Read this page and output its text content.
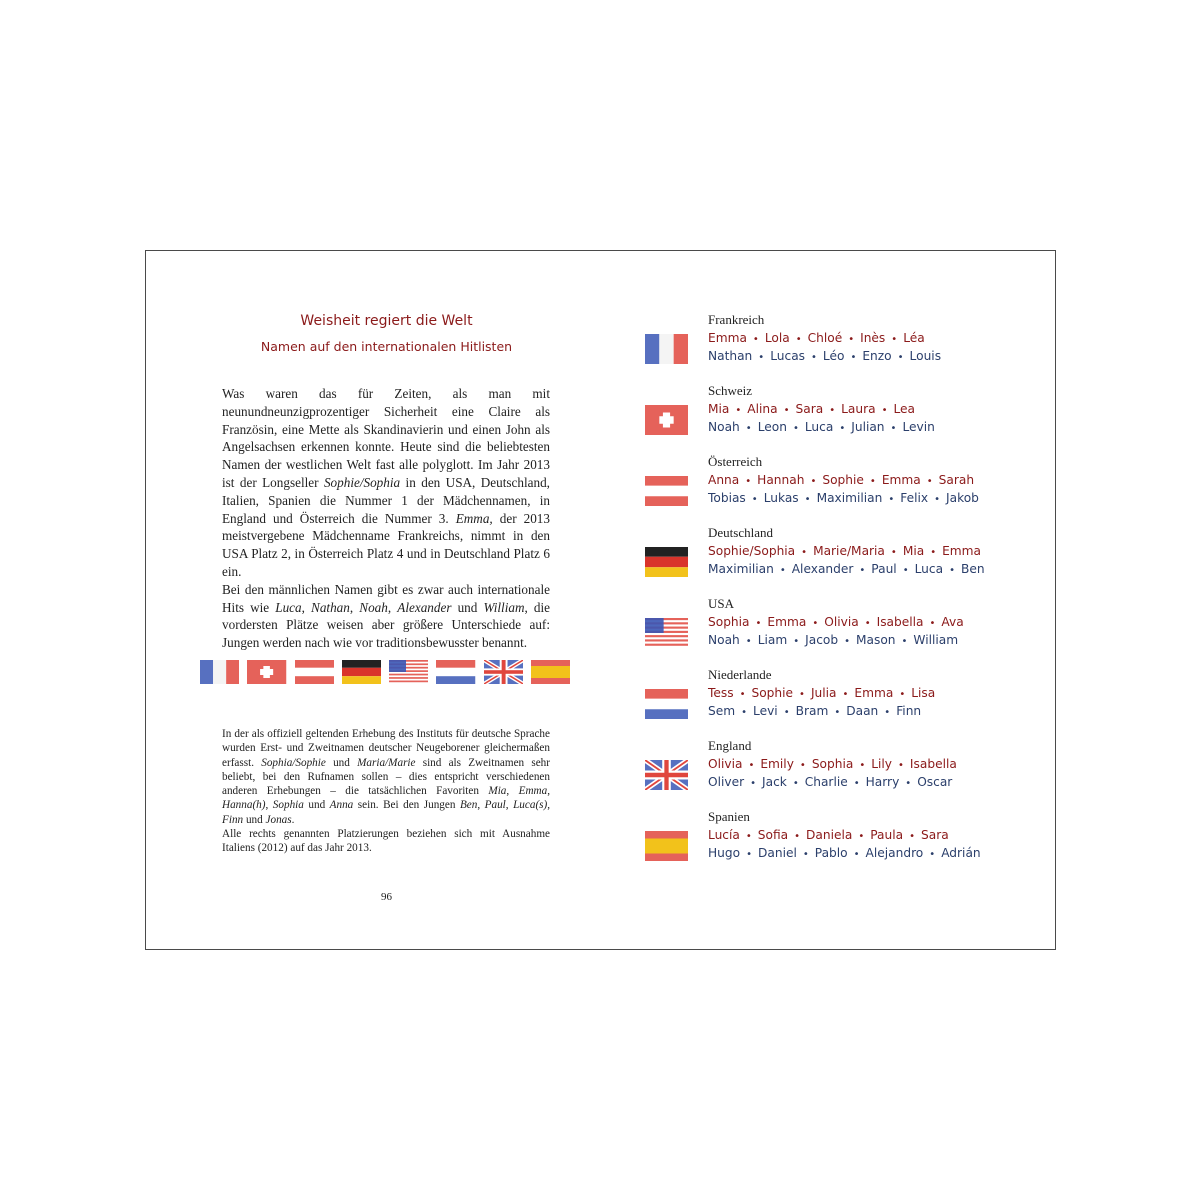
Weisheit regiert die Welt
Namen auf den internationalen Hitlisten

Was waren das für Zeiten, als man mit neunundneunzigprozentiger Sicherheit eine Claire als Französin, eine Mette als Skandinavierin und einen John als Angelsachsen erkennen konnte. Heute sind die beliebtesten Namen der westlichen Welt fast alle polyglott. Im Jahr 2013 ist der Longseller Sophie/Sophia in den USA, Deutschland, Italien, Spanien die Nummer 1 der Mädchennamen, in England und Österreich die Nummer 3. Emma, der 2013 meistvergebene Mädchenname Frankreichs, nimmt in den USA Platz 2, in Österreich Platz 4 und in Deutschland Platz 6 ein.

Bei den männlichen Namen gibt es zwar auch internationale Hits wie Luca, Nathan, Noah, Alexander und William, die vordersten Plätze weisen aber größere Unterschiede auf: Jungen werden nach wie vor traditionsbewusster benannt.

In der als offiziell geltenden Erhebung des Instituts für deutsche Sprache wurden Erst- und Zweitnamen deutscher Neugeborener gleichermaßen erfasst. Sophia/Sophie und Maria/Marie sind als Zweitnamen sehr beliebt, bei den Rufnamen sollen – dies entspricht verschiedenen anderen Erhebungen – die tatsächlichen Favoriten Mia, Emma, Hanna(h), Sophia und Anna sein. Bei den Jungen Ben, Paul, Luca(s), Finn und Jonas.

Alle rechts genannten Platzierungen beziehen sich mit Ausnahme Italiens (2012) auf das Jahr 2013.

96
Frankreich
Emma • Lola • Chloé • Inès • Léa
Nathan • Lucas • Léo • Enzo • Louis
Schweiz
Mia • Alina • Sara • Laura • Lea
Noah • Leon • Luca • Julian • Levin
Österreich
Anna • Hannah • Sophie • Emma • Sarah
Tobias • Lukas • Maximilian • Felix • Jakob
Deutschland
Sophie/Sophia • Marie/Maria • Mia • Emma
Maximilian • Alexander • Paul • Luca • Ben
USA
Sophia • Emma • Olivia • Isabella • Ava
Noah • Liam • Jacob • Mason • William
Niederlande
Tess • Sophie • Julia • Emma • Lisa
Sem • Levi • Bram • Daan • Finn
England
Olivia • Emily • Sophia • Lily • Isabella
Oliver • Jack • Charlie • Harry • Oscar
Spanien
Lucía • Sofia • Daniela • Paula • Sara
Hugo • Daniel • Pablo • Alejandro • Adrián
